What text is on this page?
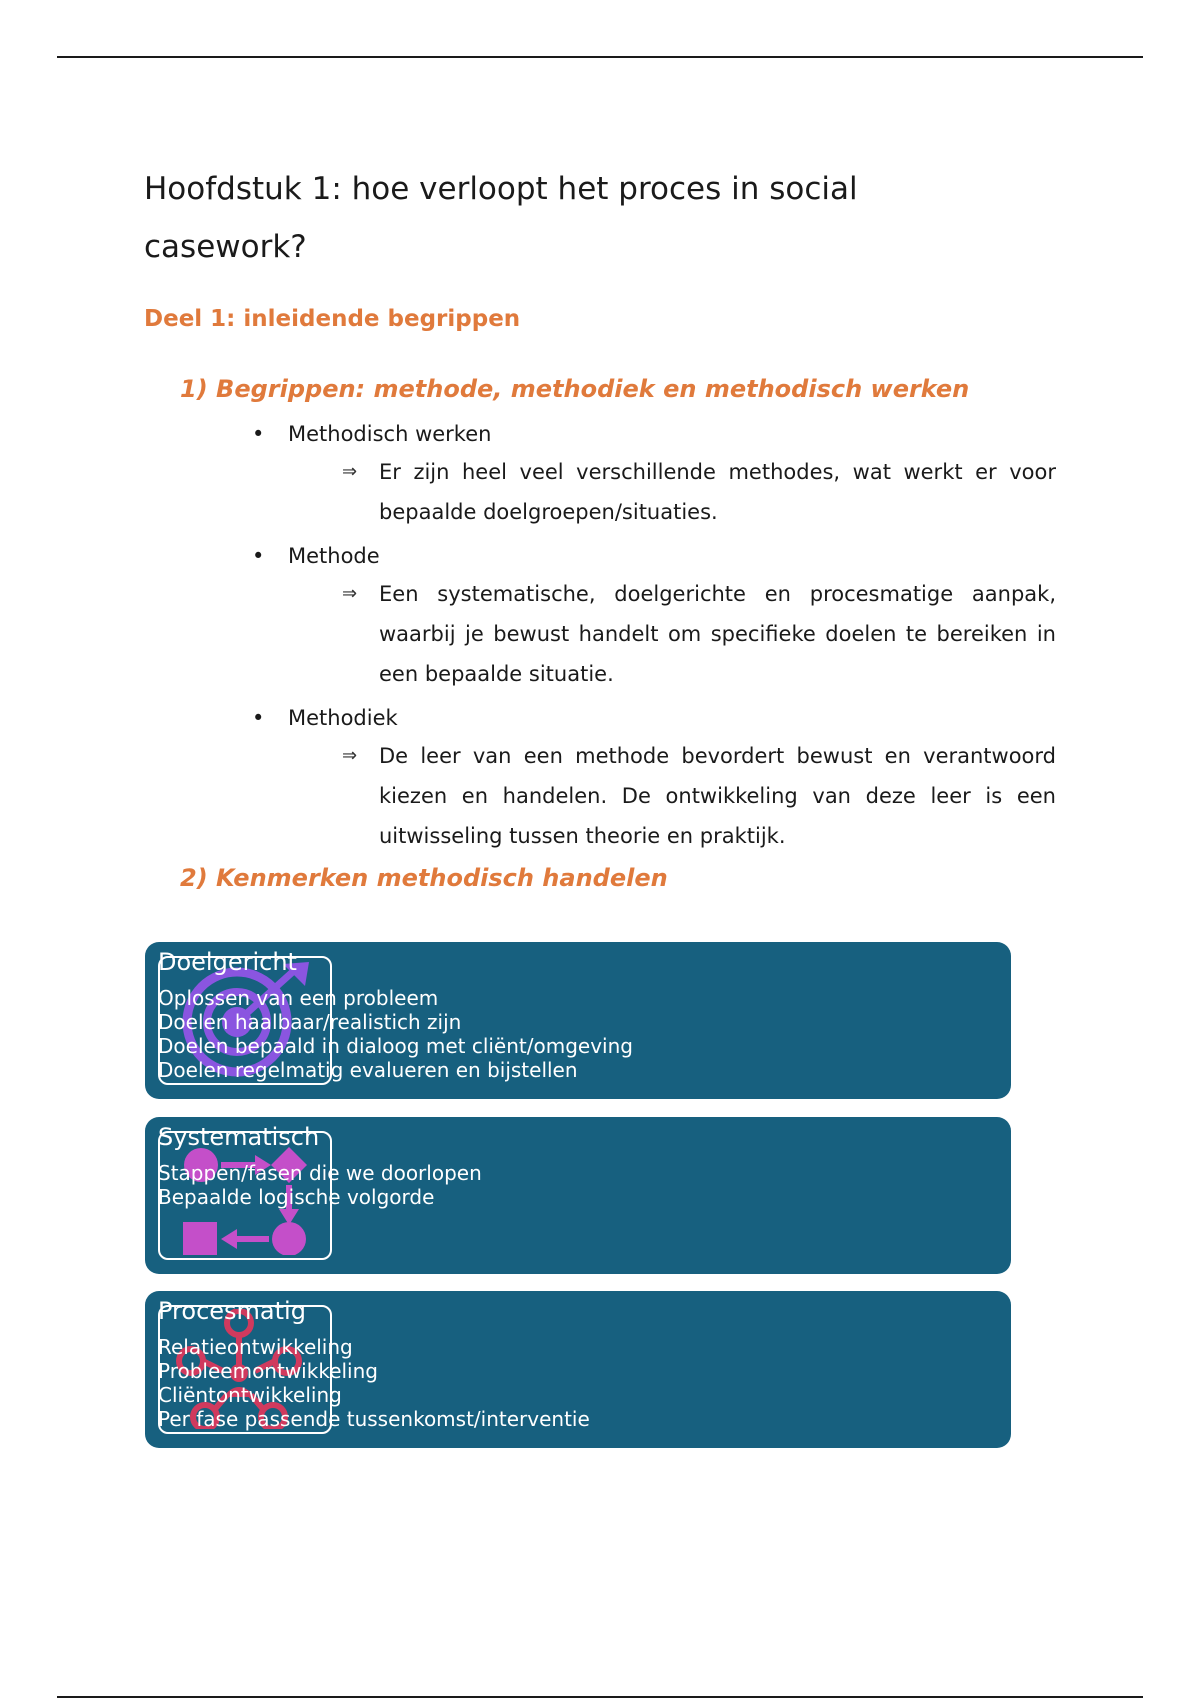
Hoofdstuk 1: hoe verloopt het proces in social casework?
Deel 1: inleidende begrippen
1) Begrippen: methode, methodiek en methodisch werken
• Methodisch werken
⇒ Er zijn heel veel verschillende methodes, wat werkt er voor bepaalde doelgroepen/situaties.
• Methode
⇒ Een systematische, doelgerichte en procesmatige aanpak, waarbij je bewust handelt om specifieke doelen te bereiken in een bepaalde situatie.
• Methodiek
⇒ De leer van een methode bevordert bewust en verantwoord kiezen en handelen. De ontwikkeling van deze leer is een uitwisseling tussen theorie en praktijk.
2) Kenmerken methodisch handelen
Doelgericht
Oplossen van een probleem
Doelen haalbaar/realistich zijn
Doelen bepaald in dialoog met cliënt/omgeving
Doelen regelmatig evalueren en bijstellen
Systematisch
Stappen/fasen die we doorlopen
Bepaalde logische volgorde
Procesmatig
Relatieontwikkeling
Probleemontwikkeling
Cliëntontwikkeling
Per fase passende tussenkomst/interventie
